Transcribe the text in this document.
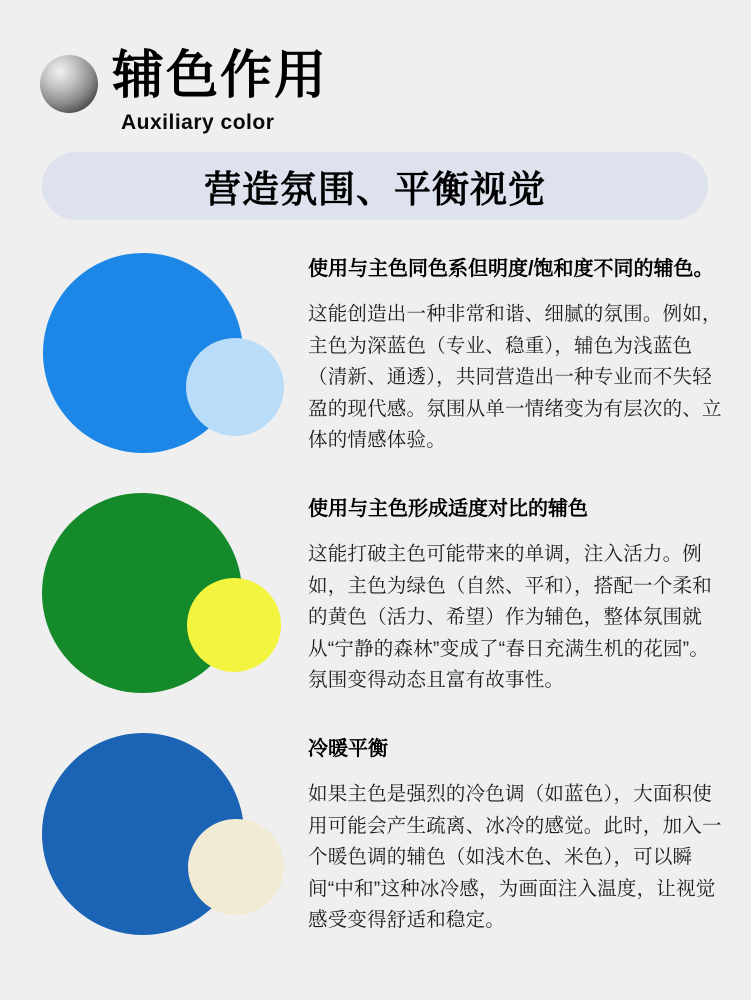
辅色作用
Auxiliary color
营造氛围、平衡视觉

使用与主色同色系但明度/饱和度不同的辅色。

这能创造出一种非常和谐、细腻的氛围。例如，主色为深蓝色（专业、稳重），辅色为浅蓝色（清新、通透），共同营造出一种专业而不失轻盈的现代感。氛围从单一情绪变为有层次的、立体的情感体验。

使用与主色形成适度对比的辅色

这能打破主色可能带来的单调，注入活力。例如，主色为绿色（自然、平和），搭配一个柔和的黄色（活力、希望）作为辅色，整体氛围就从“宁静的森林”变成了“春日充满生机的花园”。氛围变得动态且富有故事性。

冷暖平衡

如果主色是强烈的冷色调（如蓝色），大面积使用可能会产生疏离、冰冷的感觉。此时，加入一个暖色调的辅色（如浅木色、米色），可以瞬间“中和”这种冰冷感，为画面注入温度，让视觉感受变得舒适和稳定。
